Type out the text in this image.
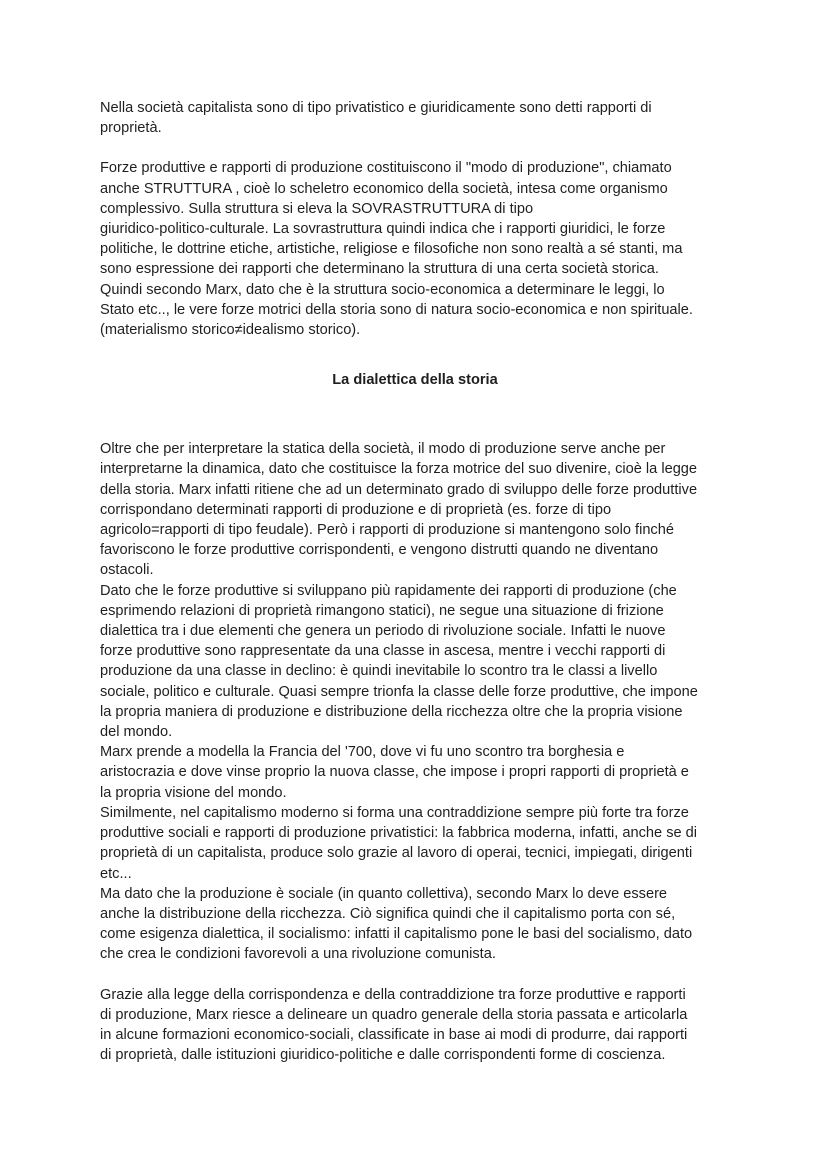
Nella società capitalista sono di tipo privatistico e giuridicamente sono detti rapporti di
proprietà.

Forze produttive e rapporti di produzione costituiscono il "modo di produzione", chiamato
anche STRUTTURA , cioè lo scheletro economico della società, intesa come organismo
complessivo. Sulla struttura si eleva la SOVRASTRUTTURA di tipo
giuridico-politico-culturale. La sovrastruttura quindi indica che i rapporti giuridici, le forze
politiche, le dottrine etiche, artistiche, religiose e filosofiche non sono realtà a sé stanti, ma
sono espressione dei rapporti che determinano la struttura di una certa società storica.
Quindi secondo Marx, dato che è la struttura socio-economica a determinare le leggi, lo
Stato etc.., le vere forze motrici della storia sono di natura socio-economica e non spirituale.
(materialismo storico≠idealismo storico).

La dialettica della storia

Oltre che per interpretare la statica della società, il modo di produzione serve anche per
interpretarne la dinamica, dato che costituisce la forza motrice del suo divenire, cioè la legge
della storia. Marx infatti ritiene che ad un determinato grado di sviluppo delle forze produttive
corrispondano determinati rapporti di produzione e di proprietà (es. forze di tipo
agricolo=rapporti di tipo feudale). Però i rapporti di produzione si mantengono solo finché
favoriscono le forze produttive corrispondenti, e vengono distrutti quando ne diventano
ostacoli.
Dato che le forze produttive si sviluppano più rapidamente dei rapporti di produzione (che
esprimendo relazioni di proprietà rimangono statici), ne segue una situazione di frizione
dialettica tra i due elementi che genera un periodo di rivoluzione sociale. Infatti le nuove
forze produttive sono rappresentate da una classe in ascesa, mentre i vecchi rapporti di
produzione da una classe in declino: è quindi inevitabile lo scontro tra le classi a livello
sociale, politico e culturale. Quasi sempre trionfa la classe delle forze produttive, che impone
la propria maniera di produzione e distribuzione della ricchezza oltre che la propria visione
del mondo.
Marx prende a modella la Francia del '700, dove vi fu uno scontro tra borghesia e
aristocrazia e dove vinse proprio la nuova classe, che impose i propri rapporti di proprietà e
la propria visione del mondo.
Similmente, nel capitalismo moderno si forma una contraddizione sempre più forte tra forze
produttive sociali e rapporti di produzione privatistici: la fabbrica moderna, infatti, anche se di
proprietà di un capitalista, produce solo grazie al lavoro di operai, tecnici, impiegati, dirigenti
etc...
Ma dato che la produzione è sociale (in quanto collettiva), secondo Marx lo deve essere
anche la distribuzione della ricchezza. Ciò significa quindi che il capitalismo porta con sé,
come esigenza dialettica, il socialismo: infatti il capitalismo pone le basi del socialismo, dato
che crea le condizioni favorevoli a una rivoluzione comunista.

Grazie alla legge della corrispondenza e della contraddizione tra forze produttive e rapporti
di produzione, Marx riesce a delineare un quadro generale della storia passata e articolarla
in alcune formazioni economico-sociali, classificate in base ai modi di produrre, dai rapporti
di proprietà, dalle istituzioni giuridico-politiche e dalle corrispondenti forme di coscienza.
